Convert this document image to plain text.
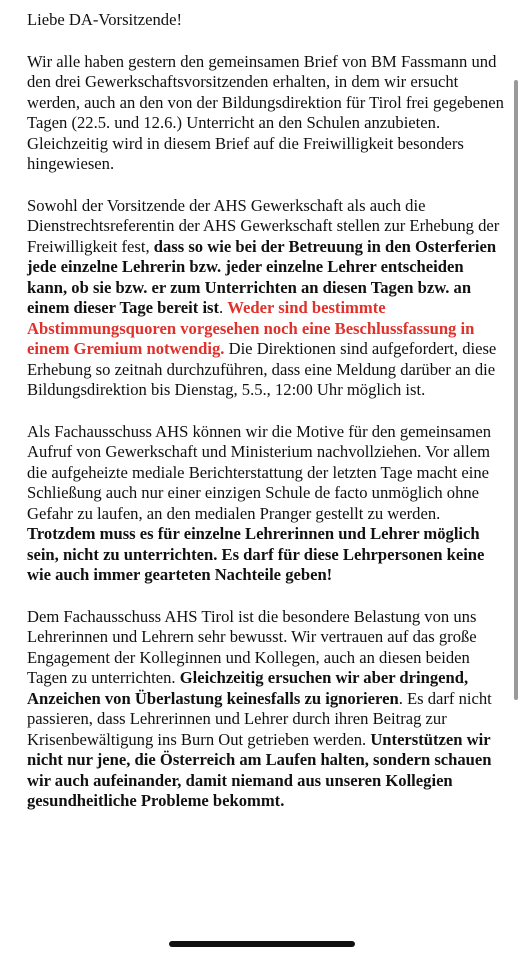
Liebe DA-Vorsitzende!

Wir alle haben gestern den gemeinsamen Brief von BM Fassmann und den drei Gewerkschaftsvorsitzenden erhalten, in dem wir ersucht werden, auch an den von der Bildungsdirektion für Tirol frei gegebenen Tagen (22.5. und 12.6.) Unterricht an den Schulen anzubieten. Gleichzeitig wird in diesem Brief auf die Freiwilligkeit besonders hingewiesen.

Sowohl der Vorsitzende der AHS Gewerkschaft als auch die Dienstrechtsreferentin der AHS Gewerkschaft stellen zur Erhebung der Freiwilligkeit fest, dass so wie bei der Betreuung in den Osterferien jede einzelne Lehrerin bzw. jeder einzelne Lehrer entscheiden kann, ob sie bzw. er zum Unterrichten an diesen Tagen bzw. an einem dieser Tage bereit ist. Weder sind bestimmte Abstimmungsquoren vorgesehen noch eine Beschlussfassung in einem Gremium notwendig. Die Direktionen sind aufgefordert, diese Erhebung so zeitnah durchzuführen, dass eine Meldung darüber an die Bildungsdirektion bis Dienstag, 5.5., 12:00 Uhr möglich ist.

Als Fachausschuss AHS können wir die Motive für den gemeinsamen Aufruf von Gewerkschaft und Ministerium nachvollziehen. Vor allem die aufgeheizte mediale Berichterstattung der letzten Tage macht eine Schließung auch nur einer einzigen Schule de facto unmöglich ohne Gefahr zu laufen, an den medialen Pranger gestellt zu werden. Trotzdem muss es für einzelne Lehrerinnen und Lehrer möglich sein, nicht zu unterrichten. Es darf für diese Lehrpersonen keine wie auch immer gearteten Nachteile geben!

Dem Fachausschuss AHS Tirol ist die besondere Belastung von uns Lehrerinnen und Lehrern sehr bewusst. Wir vertrauen auf das große Engagement der Kolleginnen und Kollegen, auch an diesen beiden Tagen zu unterrichten. Gleichzeitig ersuchen wir aber dringend, Anzeichen von Überlastung keinesfalls zu ignorieren. Es darf nicht passieren, dass Lehrerinnen und Lehrer durch ihren Beitrag zur Krisenbewältigung ins Burn Out getrieben werden. Unterstützen wir nicht nur jene, die Österreich am Laufen halten, sondern schauen wir auch aufeinander, damit niemand aus unseren Kollegien gesundheitliche Probleme bekommt.
